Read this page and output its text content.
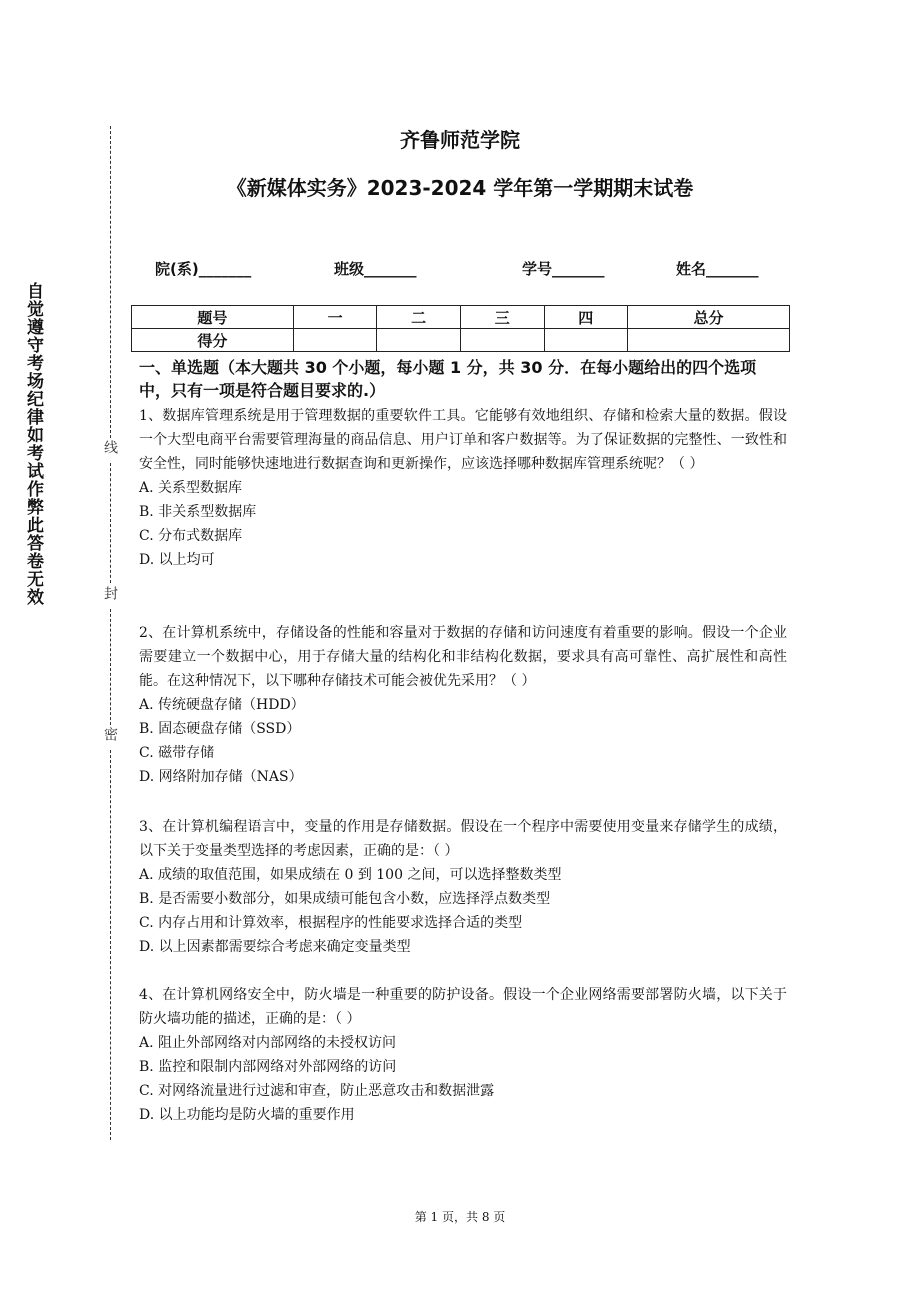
自觉遵守考场纪律如考试作弊此答卷无效	线
封
密
齐鲁师范学院
《新媒体实务》2023-2024 学年第一学期期末试卷
院(系)_______	班级_______	学号_______	姓名_______
题号	一	二	三	四	总分
得分					
一、单选题（本大题共 30 个小题，每小题 1 分，共 30 分．在每小题给出的四个选项中，只有一项是符合题目要求的.）

1、数据库管理系统是用于管理数据的重要软件工具。它能够有效地组织、存储和检索大量的数据。假设一个大型电商平台需要管理海量的商品信息、用户订单和客户数据等。为了保证数据的完整性、一致性和安全性，同时能够快速地进行数据查询和更新操作，应该选择哪种数据库管理系统呢？（ ）

A. 关系型数据库

B. 非关系型数据库

C. 分布式数据库

D. 以上均可

2、在计算机系统中，存储设备的性能和容量对于数据的存储和访问速度有着重要的影响。假设一个企业需要建立一个数据中心，用于存储大量的结构化和非结构化数据，要求具有高可靠性、高扩展性和高性能。在这种情况下，以下哪种存储技术可能会被优先采用？（ ）

A. 传统硬盘存储（HDD）

B. 固态硬盘存储（SSD）

C. 磁带存储

D. 网络附加存储（NAS）

3、在计算机编程语言中，变量的作用是存储数据。假设在一个程序中需要使用变量来存储学生的成绩，以下关于变量类型选择的考虑因素，正确的是：（ ）

A. 成绩的取值范围，如果成绩在 0 到 100 之间，可以选择整数类型

B. 是否需要小数部分，如果成绩可能包含小数，应选择浮点数类型

C. 内存占用和计算效率，根据程序的性能要求选择合适的类型

D. 以上因素都需要综合考虑来确定变量类型

4、在计算机网络安全中，防火墙是一种重要的防护设备。假设一个企业网络需要部署防火墙，以下关于防火墙功能的描述，正确的是：（ ）

A. 阻止外部网络对内部网络的未授权访问

B. 监控和限制内部网络对外部网络的访问

C. 对网络流量进行过滤和审查，防止恶意攻击和数据泄露

D. 以上功能均是防火墙的重要作用

第 1 页，共 8 页
